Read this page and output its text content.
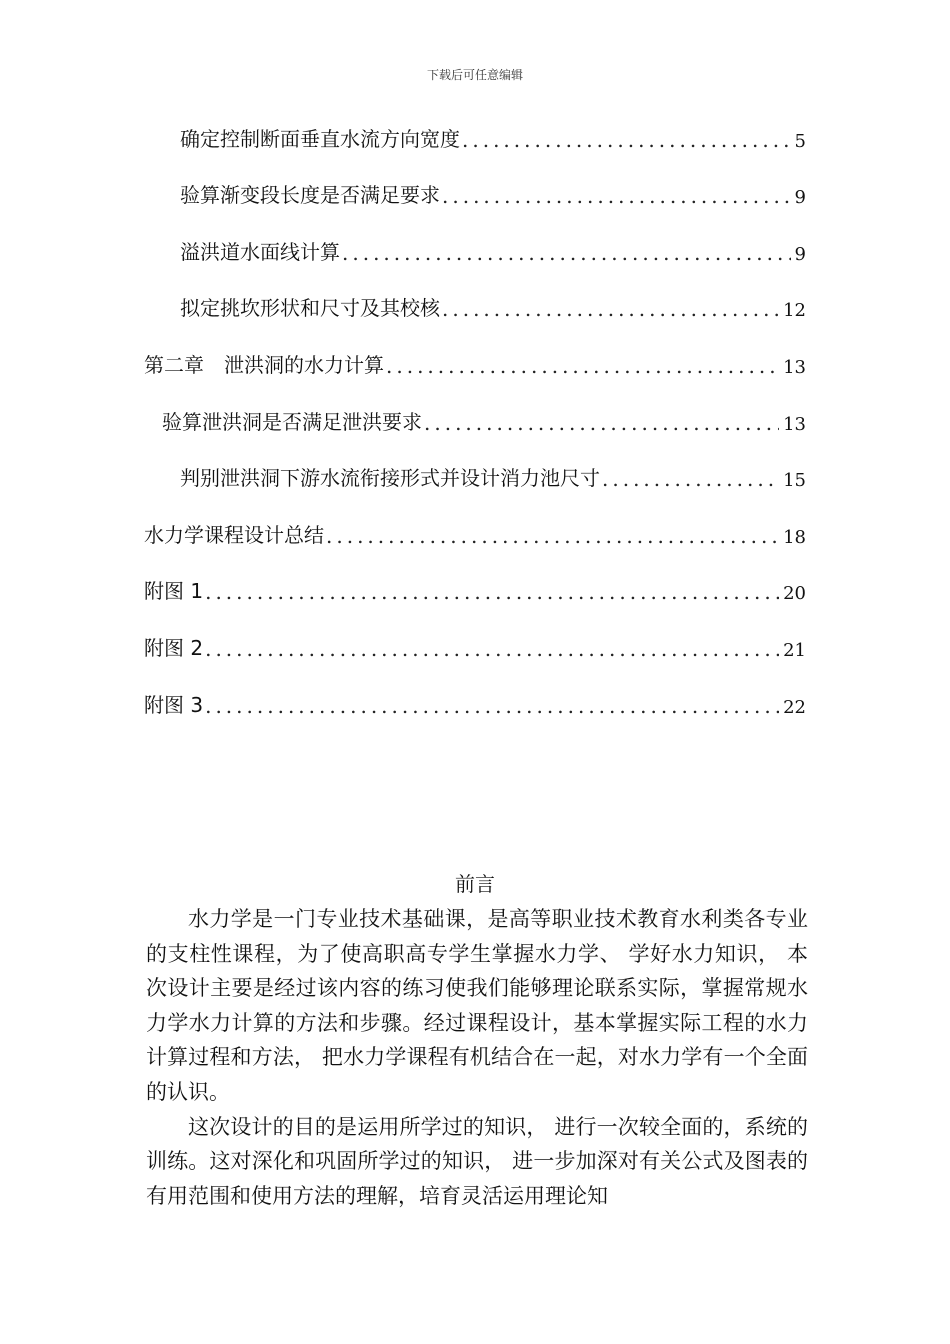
下载后可任意编辑
确定控制断面垂直水流方向宽度 .....	5
验算渐变段长度是否满足要求 .....	9
溢洪道水面线计算 .....	9
拟定挑坎形状和尺寸及其校核 .....	12
第二章　泄洪洞的水力计算 .....	13
验算泄洪洞是否满足泄洪要求 .....	13
判别泄洪洞下游水流衔接形式并设计消力池尺寸 .....	15
水力学课程设计总结 .....	18
附图 1 .....	20
附图 2 .....	21
附图 3 .....	22
前言

水力学是一门专业技术基础课，是高等职业技术教育水利类各专业的支柱性课程，为了使高职高专学生掌握水力学、 学好水力知识， 本次设计主要是经过该内容的练习使我们能够理论联系实际，掌握常规水力学水力计算的方法和步骤。经过课程设计，基本掌握实际工程的水力计算过程和方法， 把水力学课程有机结合在一起，对水力学有一个全面的认识。

这次设计的目的是运用所学过的知识， 进行一次较全面的，系统的训练。这对深化和巩固所学过的知识， 进一步加深对有关公式及图表的有用范围和使用方法的理解，培育灵活运用理论知
